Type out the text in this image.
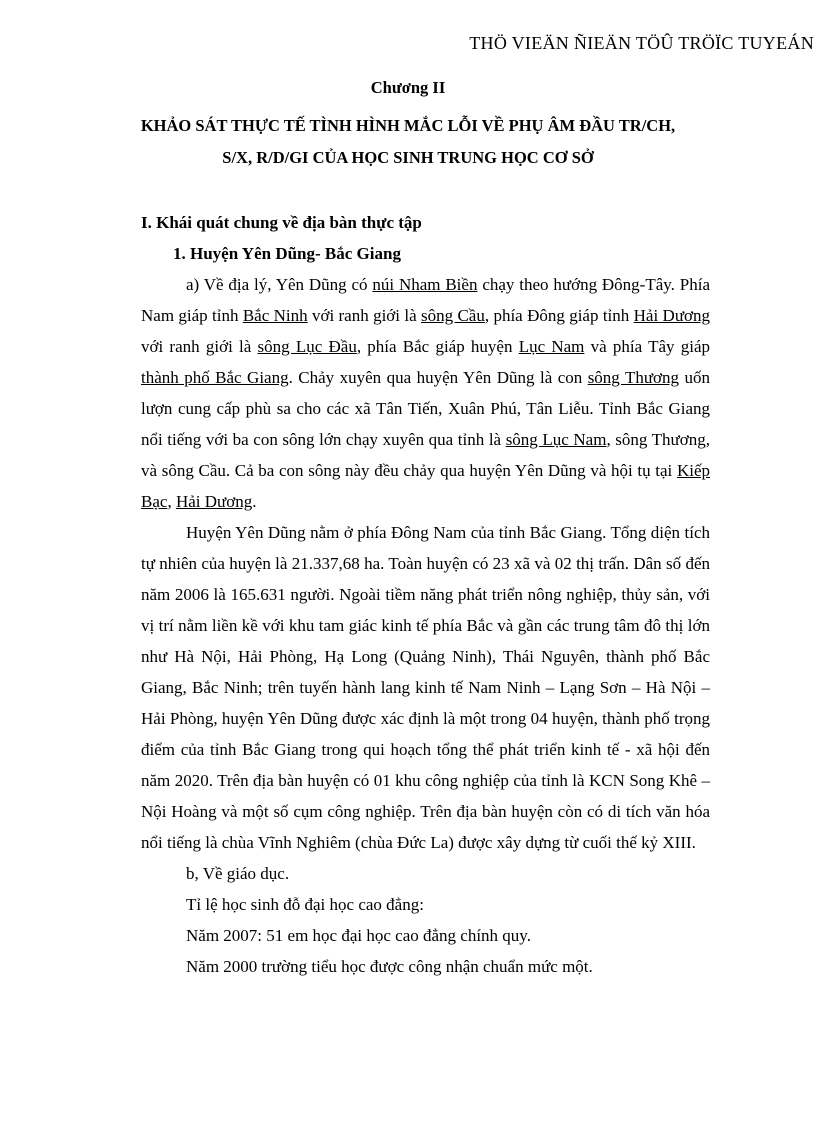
THÖ VIEÄN ÑIEÄN TÖÛ TRÖÏC TUYEÁN
Chương II
KHẢO SÁT THỰC TẾ TÌNH HÌNH MẮC LỖI VỀ PHỤ ÂM ĐẦU TR/CH,
S/X, R/D/GI CỦA HỌC SINH TRUNG HỌC CƠ SỞ

I. Khái quát chung về địa bàn thực tập

1. Huyện Yên Dũng- Bắc Giang

a) Về địa lý, Yên Dũng có núi Nham Biền chạy theo hướng Đông-Tây. Phía Nam giáp tỉnh Bắc Ninh với ranh giới là sông Cầu, phía Đông giáp tỉnh Hải Dương với ranh giới là sông Lục Đầu, phía Bắc giáp huyện Lục Nam và phía Tây giáp thành phố Bắc Giang. Chảy xuyên qua huyện Yên Dũng là con sông Thương uốn lượn cung cấp phù sa cho các xã Tân Tiến, Xuân Phú, Tân Liễu. Tỉnh Bắc Giang nổi tiếng với ba con sông lớn chạy xuyên qua tỉnh là sông Lục Nam, sông Thương, và sông Cầu. Cả ba con sông này đều chảy qua huyện Yên Dũng và hội tụ tại Kiếp Bạc, Hải Dương.

Huyện Yên Dũng nằm ở phía Đông Nam của tỉnh Bắc Giang. Tổng diện tích tự nhiên của huyện là 21.337,68 ha. Toàn huyện có 23 xã và 02 thị trấn. Dân số đến năm 2006 là 165.631 người. Ngoài tiềm năng phát triển nông nghiệp, thủy sản, với vị trí nằm liền kề với khu tam giác kinh tế phía Bắc và gần các trung tâm đô thị lớn như Hà Nội, Hải Phòng, Hạ Long (Quảng Ninh), Thái Nguyên, thành phố Bắc Giang, Bắc Ninh; trên tuyến hành lang kinh tế Nam Ninh – Lạng Sơn – Hà Nội – Hải Phòng, huyện Yên Dũng được xác định là một trong 04 huyện, thành phố trọng điểm của tỉnh Bắc Giang trong qui hoạch tổng thể phát triển kinh tế - xã hội đến năm 2020. Trên địa bàn huyện có 01 khu công nghiệp của tỉnh là KCN Song Khê – Nội Hoàng và một số cụm công nghiệp. Trên địa bàn huyện còn có di tích văn hóa nổi tiếng là chùa Vĩnh Nghiêm (chùa Đức La) được xây dựng từ cuối thế kỷ XIII.

b, Về giáo dục.

Tỉ lệ học sinh đỗ đại học cao đẳng:

Năm 2007: 51 em học đại học cao đẳng chính quy.

Năm 2000 trường tiểu học được công nhận chuẩn mức một.
